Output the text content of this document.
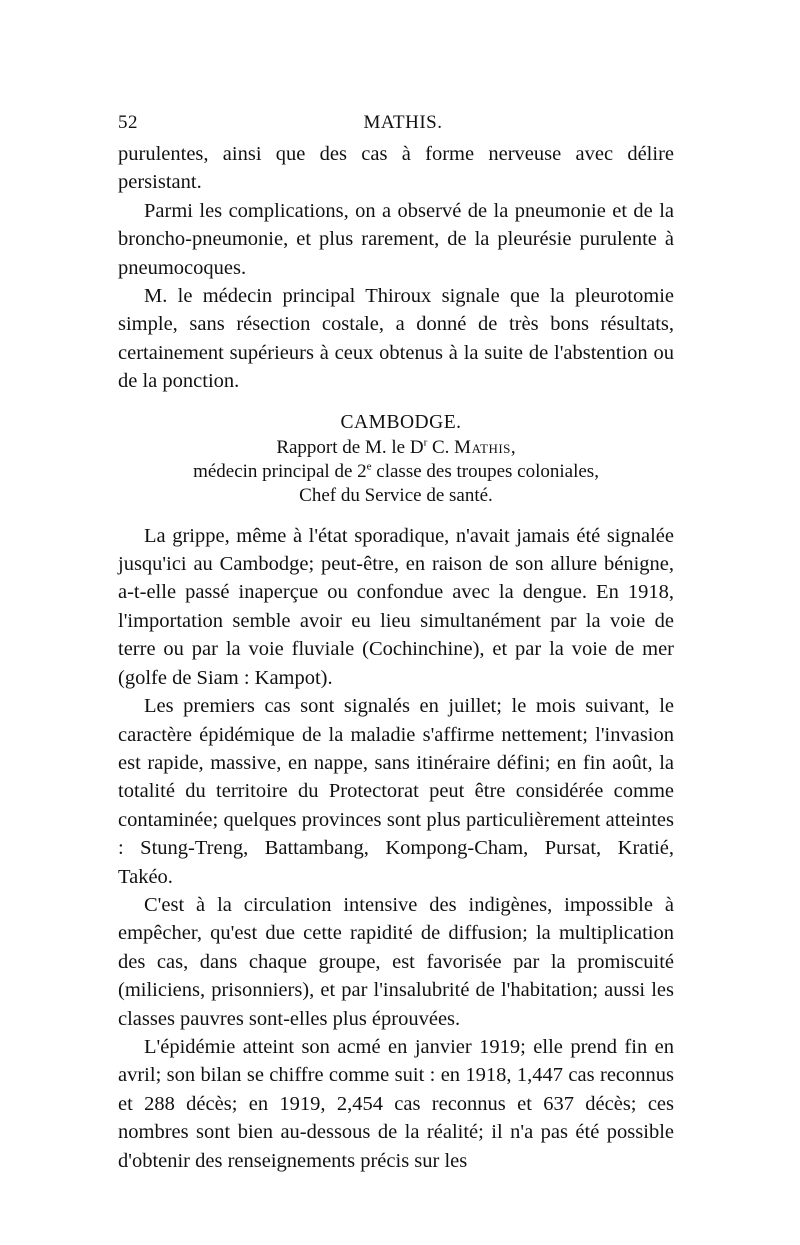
52	MATHIS.

purulentes, ainsi que des cas à forme nerveuse avec délire persistant.

Parmi les complications, on a observé de la pneumonie et de la broncho-pneumonie, et plus rarement, de la pleurésie purulente à pneumocoques.

M. le médecin principal Thiroux signale que la pleurotomie simple, sans résection costale, a donné de très bons résultats, certainement supérieurs à ceux obtenus à la suite de l'abstention ou de la ponction.

CAMBODGE.
Rapport de M. le $D^r$ C. Mathis,
médecin principal de 2e classe des troupes coloniales,
Chef du Service de santé.

La grippe, même à l'état sporadique, n'avait jamais été signalée jusqu'ici au Cambodge; peut-être, en raison de son allure bénigne, a-t-elle passé inaperçue ou confondue avec la dengue. En 1918, l'importation semble avoir eu lieu simultanément par la voie de terre ou par la voie fluviale (Cochinchine), et par la voie de mer (golfe de Siam : Kampot).

Les premiers cas sont signalés en juillet; le mois suivant, le caractère épidémique de la maladie s'affirme nettement; l'invasion est rapide, massive, en nappe, sans itinéraire défini; en fin août, la totalité du territoire du Protectorat peut être considérée comme contaminée; quelques provinces sont plus particulièrement atteintes : Stung-Treng, Battambang, Kompong-Cham, Pursat, Kratié, Takéo.

C'est à la circulation intensive des indigènes, impossible à empêcher, qu'est due cette rapidité de diffusion; la multiplication des cas, dans chaque groupe, est favorisée par la promiscuité (miliciens, prisonniers), et par l'insalubrité de l'habitation; aussi les classes pauvres sont-elles plus éprouvées.

L'épidémie atteint son acmé en janvier 1919; elle prend fin en avril; son bilan se chiffre comme suit : en 1918, 1,447 cas reconnus et 288 décès; en 1919, 2,454 cas reconnus et 637 décès; ces nombres sont bien au-dessous de la réalité; il n'a pas été possible d'obtenir des renseignements précis sur les
